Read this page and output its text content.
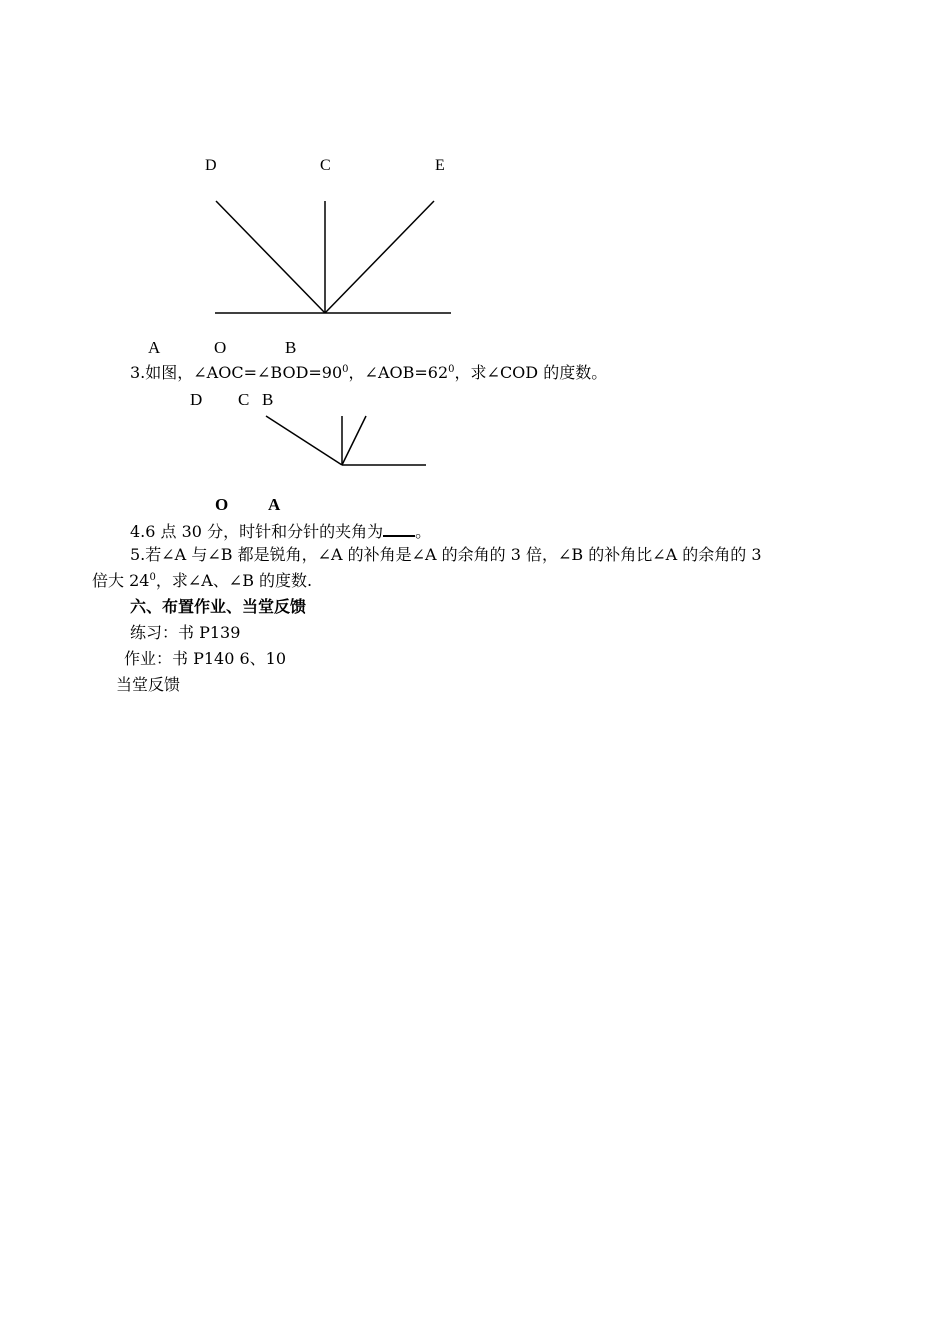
D	C	E
A	O	B
3.如图，$\angle AOC=\angle BOD=90^0$，$\angle AOB=62^0$，求∠COD 的度数。
D C B
O A
4.6 点 30 分，时针和分针的夹角为 。
5.若∠A 与∠B 都是锐角，∠A 的补角是∠A 的余角的 3 倍，∠B 的补角比∠A 的余角的 3
倍大 $24^0$，求∠A、∠B 的度数.
六、布置作业、当堂反馈
练习：书 P139
作业：书 P140 6、10
当堂反馈
